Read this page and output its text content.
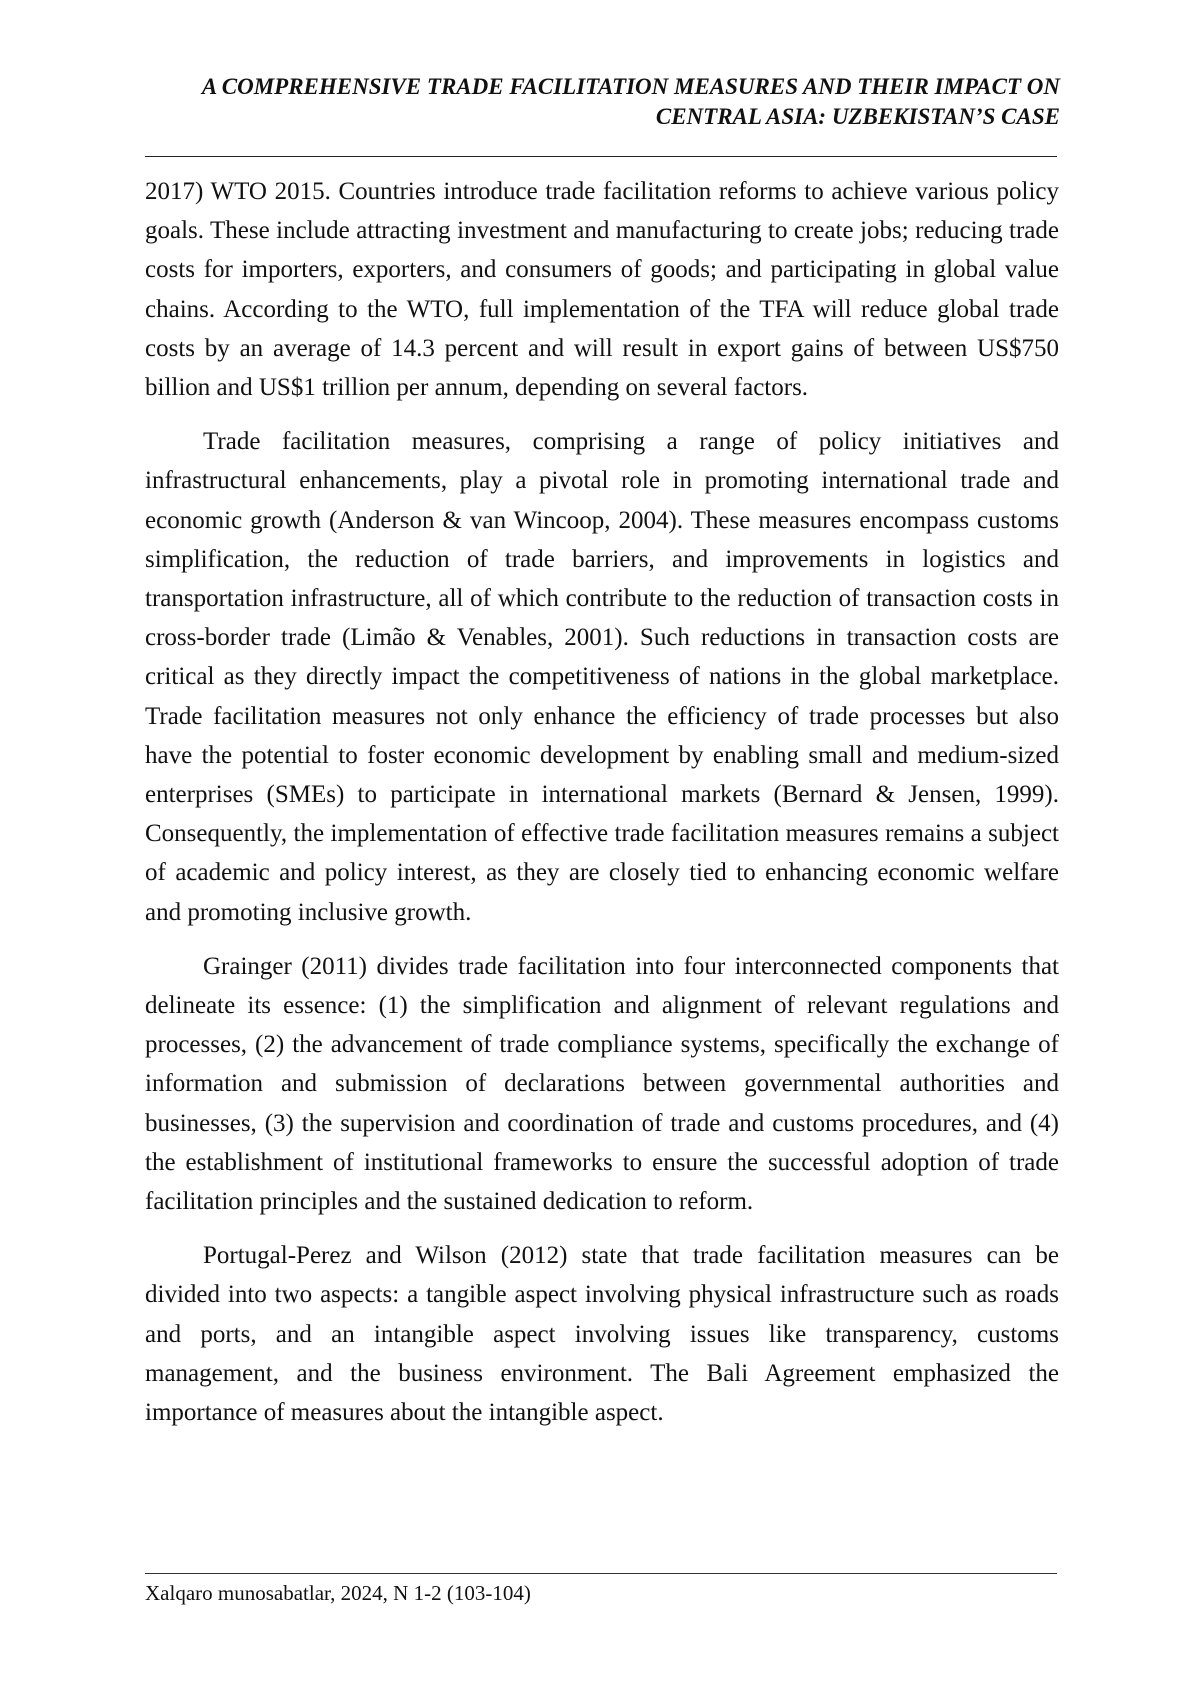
A COMPREHENSIVE TRADE FACILITATION MEASURES AND THEIR IMPACT ON
CENTRAL ASIA: UZBEKISTAN’S CASE

2017) WTO 2015. Countries introduce trade facilitation reforms to achieve various policy goals. These include attracting investment and manufacturing to create jobs; reducing trade costs for importers, exporters, and consumers of goods; and participating in global value chains. According to the WTO, full implementation of the TFA will reduce global trade costs by an average of 14.3 percent and will result in export gains of between US$750 billion and US$1 trillion per annum, depending on several factors.

Trade facilitation measures, comprising a range of policy initiatives and infrastructural enhancements, play a pivotal role in promoting international trade and economic growth (Anderson & van Wincoop, 2004). These measures encompass customs simplification, the reduction of trade barriers, and improvements in logistics and transportation infrastructure, all of which contribute to the reduction of transaction costs in cross-border trade (Limão & Venables, 2001). Such reductions in transaction costs are critical as they directly impact the competitiveness of nations in the global marketplace. Trade facilitation measures not only enhance the efficiency of trade processes but also have the potential to foster economic development by enabling small and medium-sized enterprises (SMEs) to participate in international markets (Bernard & Jensen, 1999). Consequently, the implementation of effective trade facilitation measures remains a subject of academic and policy interest, as they are closely tied to enhancing economic welfare and promoting inclusive growth.

Grainger (2011) divides trade facilitation into four interconnected components that delineate its essence: (1) the simplification and alignment of relevant regulations and processes, (2) the advancement of trade compliance systems, specifically the exchange of information and submission of declarations between governmental authorities and businesses, (3) the supervision and coordination of trade and customs procedures, and (4) the establishment of institutional frameworks to ensure the successful adoption of trade facilitation principles and the sustained dedication to reform.

Portugal-Perez and Wilson (2012) state that trade facilitation measures can be divided into two aspects: a tangible aspect involving physical infrastructure such as roads and ports, and an intangible aspect involving issues like transparency, customs management, and the business environment. The Bali Agreement emphasized the importance of measures about the intangible aspect.

Xalqaro munosabatlar, 2024, N 1-2 (103-104)
